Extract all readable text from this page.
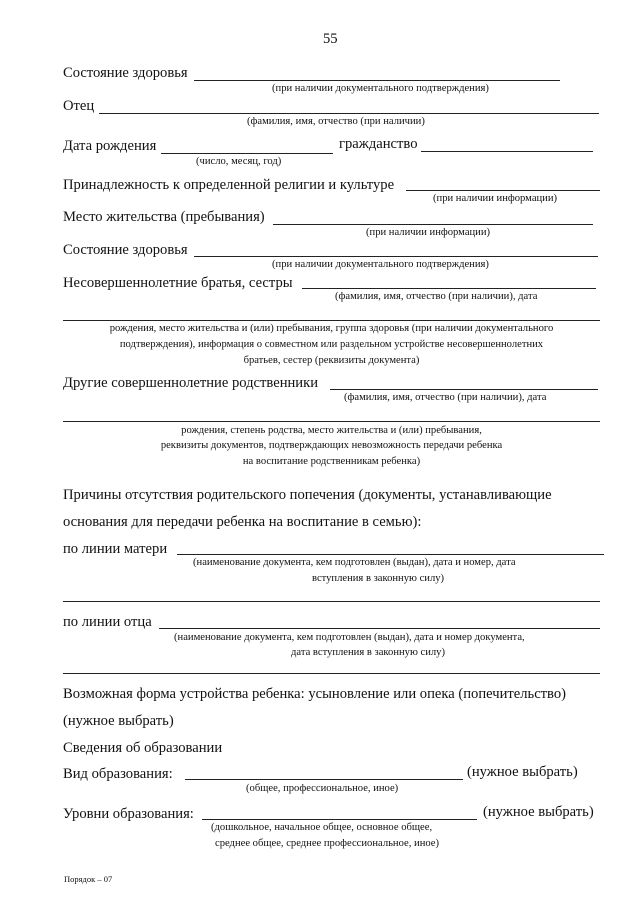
55
Состояние здоровья
(при наличии документального подтверждения)
Отец
(фамилия, имя, отчество (при наличии)
Дата рождения	гражданство
(число, месяц, год)
Принадлежность к определенной религии и культуре
(при наличии информации)
Место жительства (пребывания)
(при наличии информации)
Состояние здоровья
(при наличии документального подтверждения)
Несовершеннолетние братья, сестры
(фамилия, имя, отчество (при наличии), дата
рождения, место жительства и (или) пребывания, группа здоровья (при наличии документального
подтверждения), информация о совместном или раздельном устройстве несовершеннолетних
братьев, сестер (реквизиты документа)
Другие совершеннолетние родственники
(фамилия, имя, отчество (при наличии), дата
рождения, степень родства, место жительства и (или) пребывания,
реквизиты документов, подтверждающих невозможность передачи ребенка
на воспитание родственникам ребенка)
Причины отсутствия родительского попечения (документы, устанавливающие
основания для передачи ребенка на воспитание в семью):
по линии матери
(наименование документа, кем подготовлен (выдан), дата и номер, дата
вступления в законную силу)
по линии отца
(наименование документа, кем подготовлен (выдан), дата и номер документа,
дата вступления в законную силу)
Возможная форма устройства ребенка: усыновление или опека (попечительство)
(нужное выбрать)
Сведения об образовании
Вид образования:	(нужное выбрать)
(общее, профессиональное, иное)
Уровни образования:	(нужное выбрать)
(дошкольное, начальное общее, основное общее,
среднее общее, среднее профессиональное, иное)
Порядок – 07
